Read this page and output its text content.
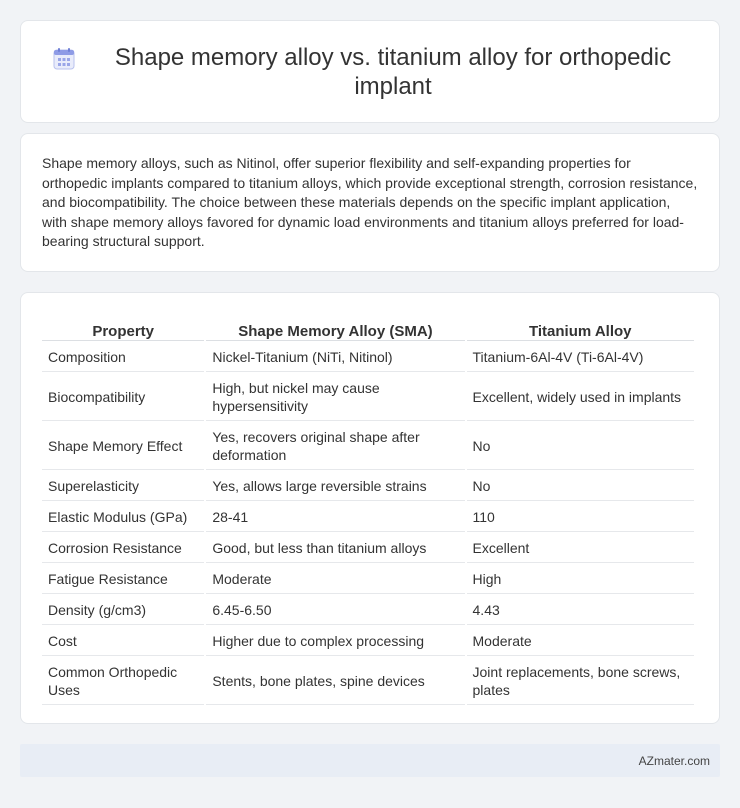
Shape memory alloy vs. titanium alloy for orthopedic implant

Shape memory alloys, such as Nitinol, offer superior flexibility and self-expanding properties for orthopedic implants compared to titanium alloys, which provide exceptional strength, corrosion resistance, and biocompatibility. The choice between these materials depends on the specific implant application, with shape memory alloys favored for dynamic load environments and titanium alloys preferred for load-bearing structural support.

Property	Shape Memory Alloy (SMA)	Titanium Alloy
Composition	Nickel-Titanium (NiTi, Nitinol)	Titanium-6Al-4V (Ti-6Al-4V)
Biocompatibility	High, but nickel may cause hypersensitivity	Excellent, widely used in implants
Shape Memory Effect	Yes, recovers original shape after deformation	No
Superelasticity	Yes, allows large reversible strains	No
Elastic Modulus (GPa)	28-41	110
Corrosion Resistance	Good, but less than titanium alloys	Excellent
Fatigue Resistance	Moderate	High
Density (g/cm3)	6.45-6.50	4.43
Cost	Higher due to complex processing	Moderate
Common Orthopedic Uses	Stents, bone plates, spine devices	Joint replacements, bone screws, plates
AZmater.com
